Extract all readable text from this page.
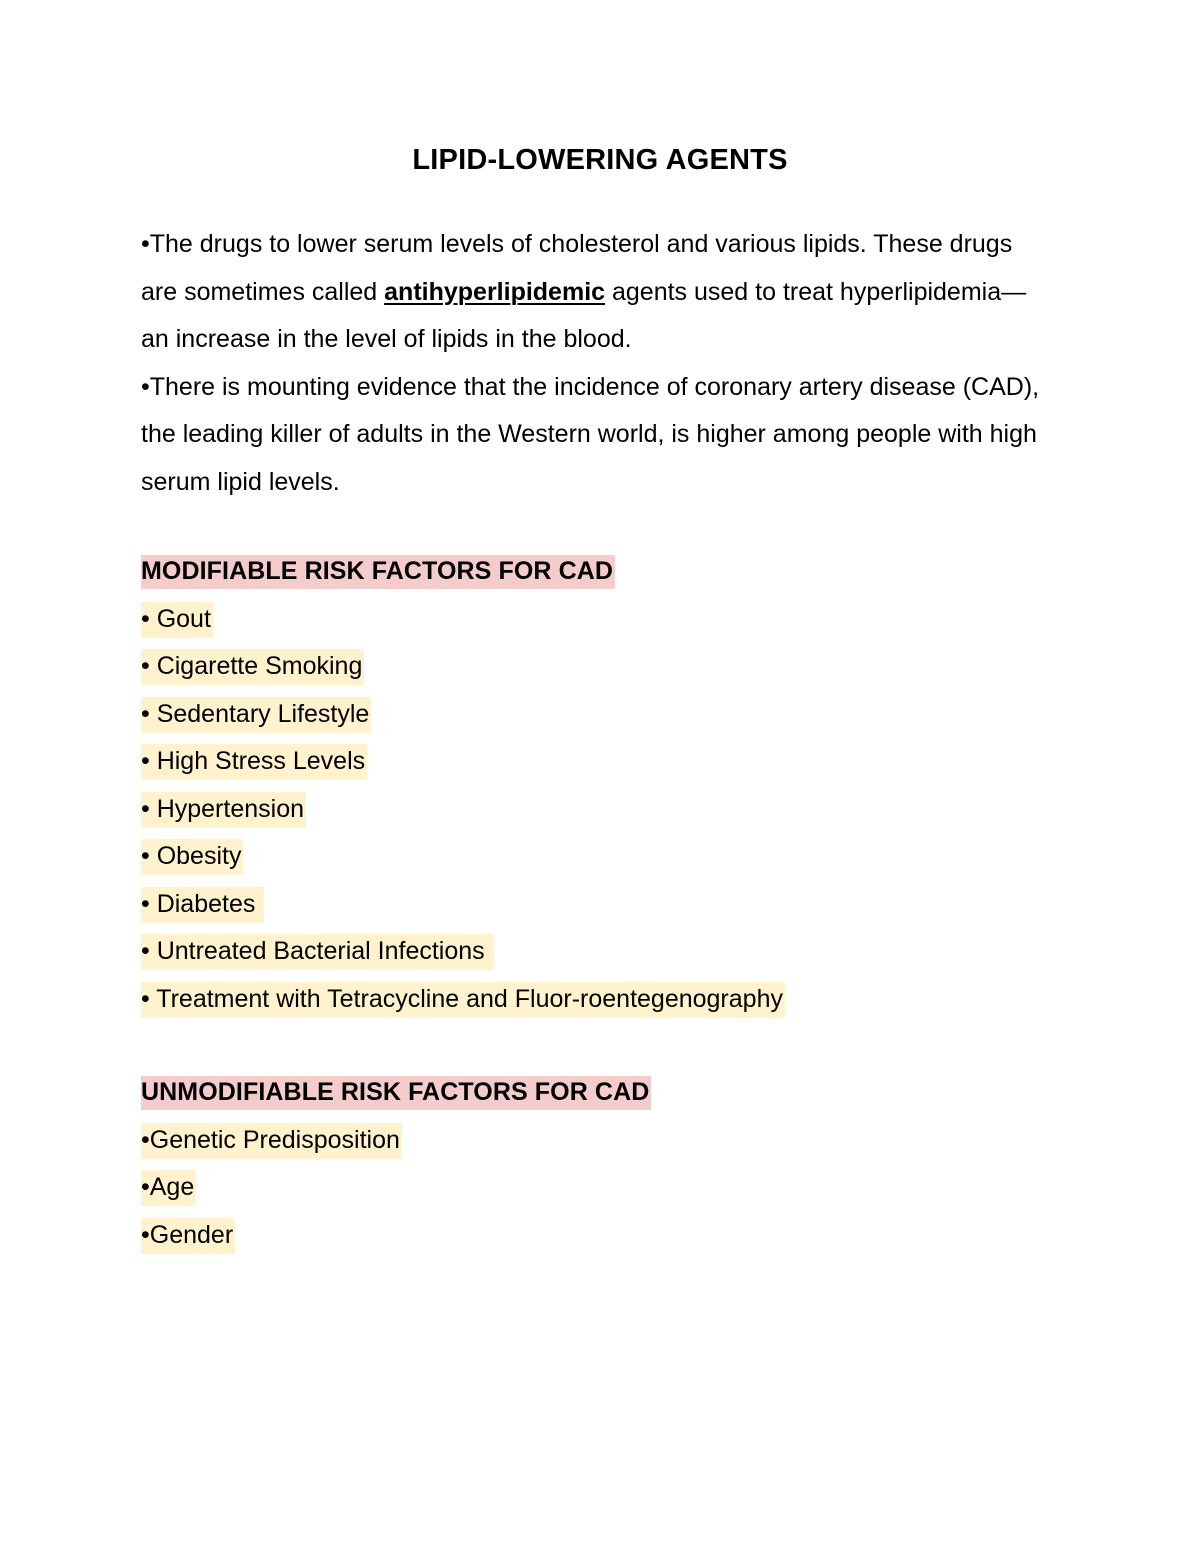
LIPID-LOWERING AGENTS

•The drugs to lower serum levels of cholesterol and various lipids. These drugs are sometimes called antihyperlipidemic agents used to treat hyperlipidemia—an increase in the level of lipids in the blood.

•There is mounting evidence that the incidence of coronary artery disease (CAD), the leading killer of adults in the Western world, is higher among people with high serum lipid levels.

MODIFIABLE RISK FACTORS FOR CAD
• Gout
• Cigarette Smoking
• Sedentary Lifestyle
• High Stress Levels
• Hypertension
• Obesity
• Diabetes
• Untreated Bacterial Infections
• Treatment with Tetracycline and Fluor-roentegenography
UNMODIFIABLE RISK FACTORS FOR CAD
•Genetic Predisposition
•Age
•Gender
